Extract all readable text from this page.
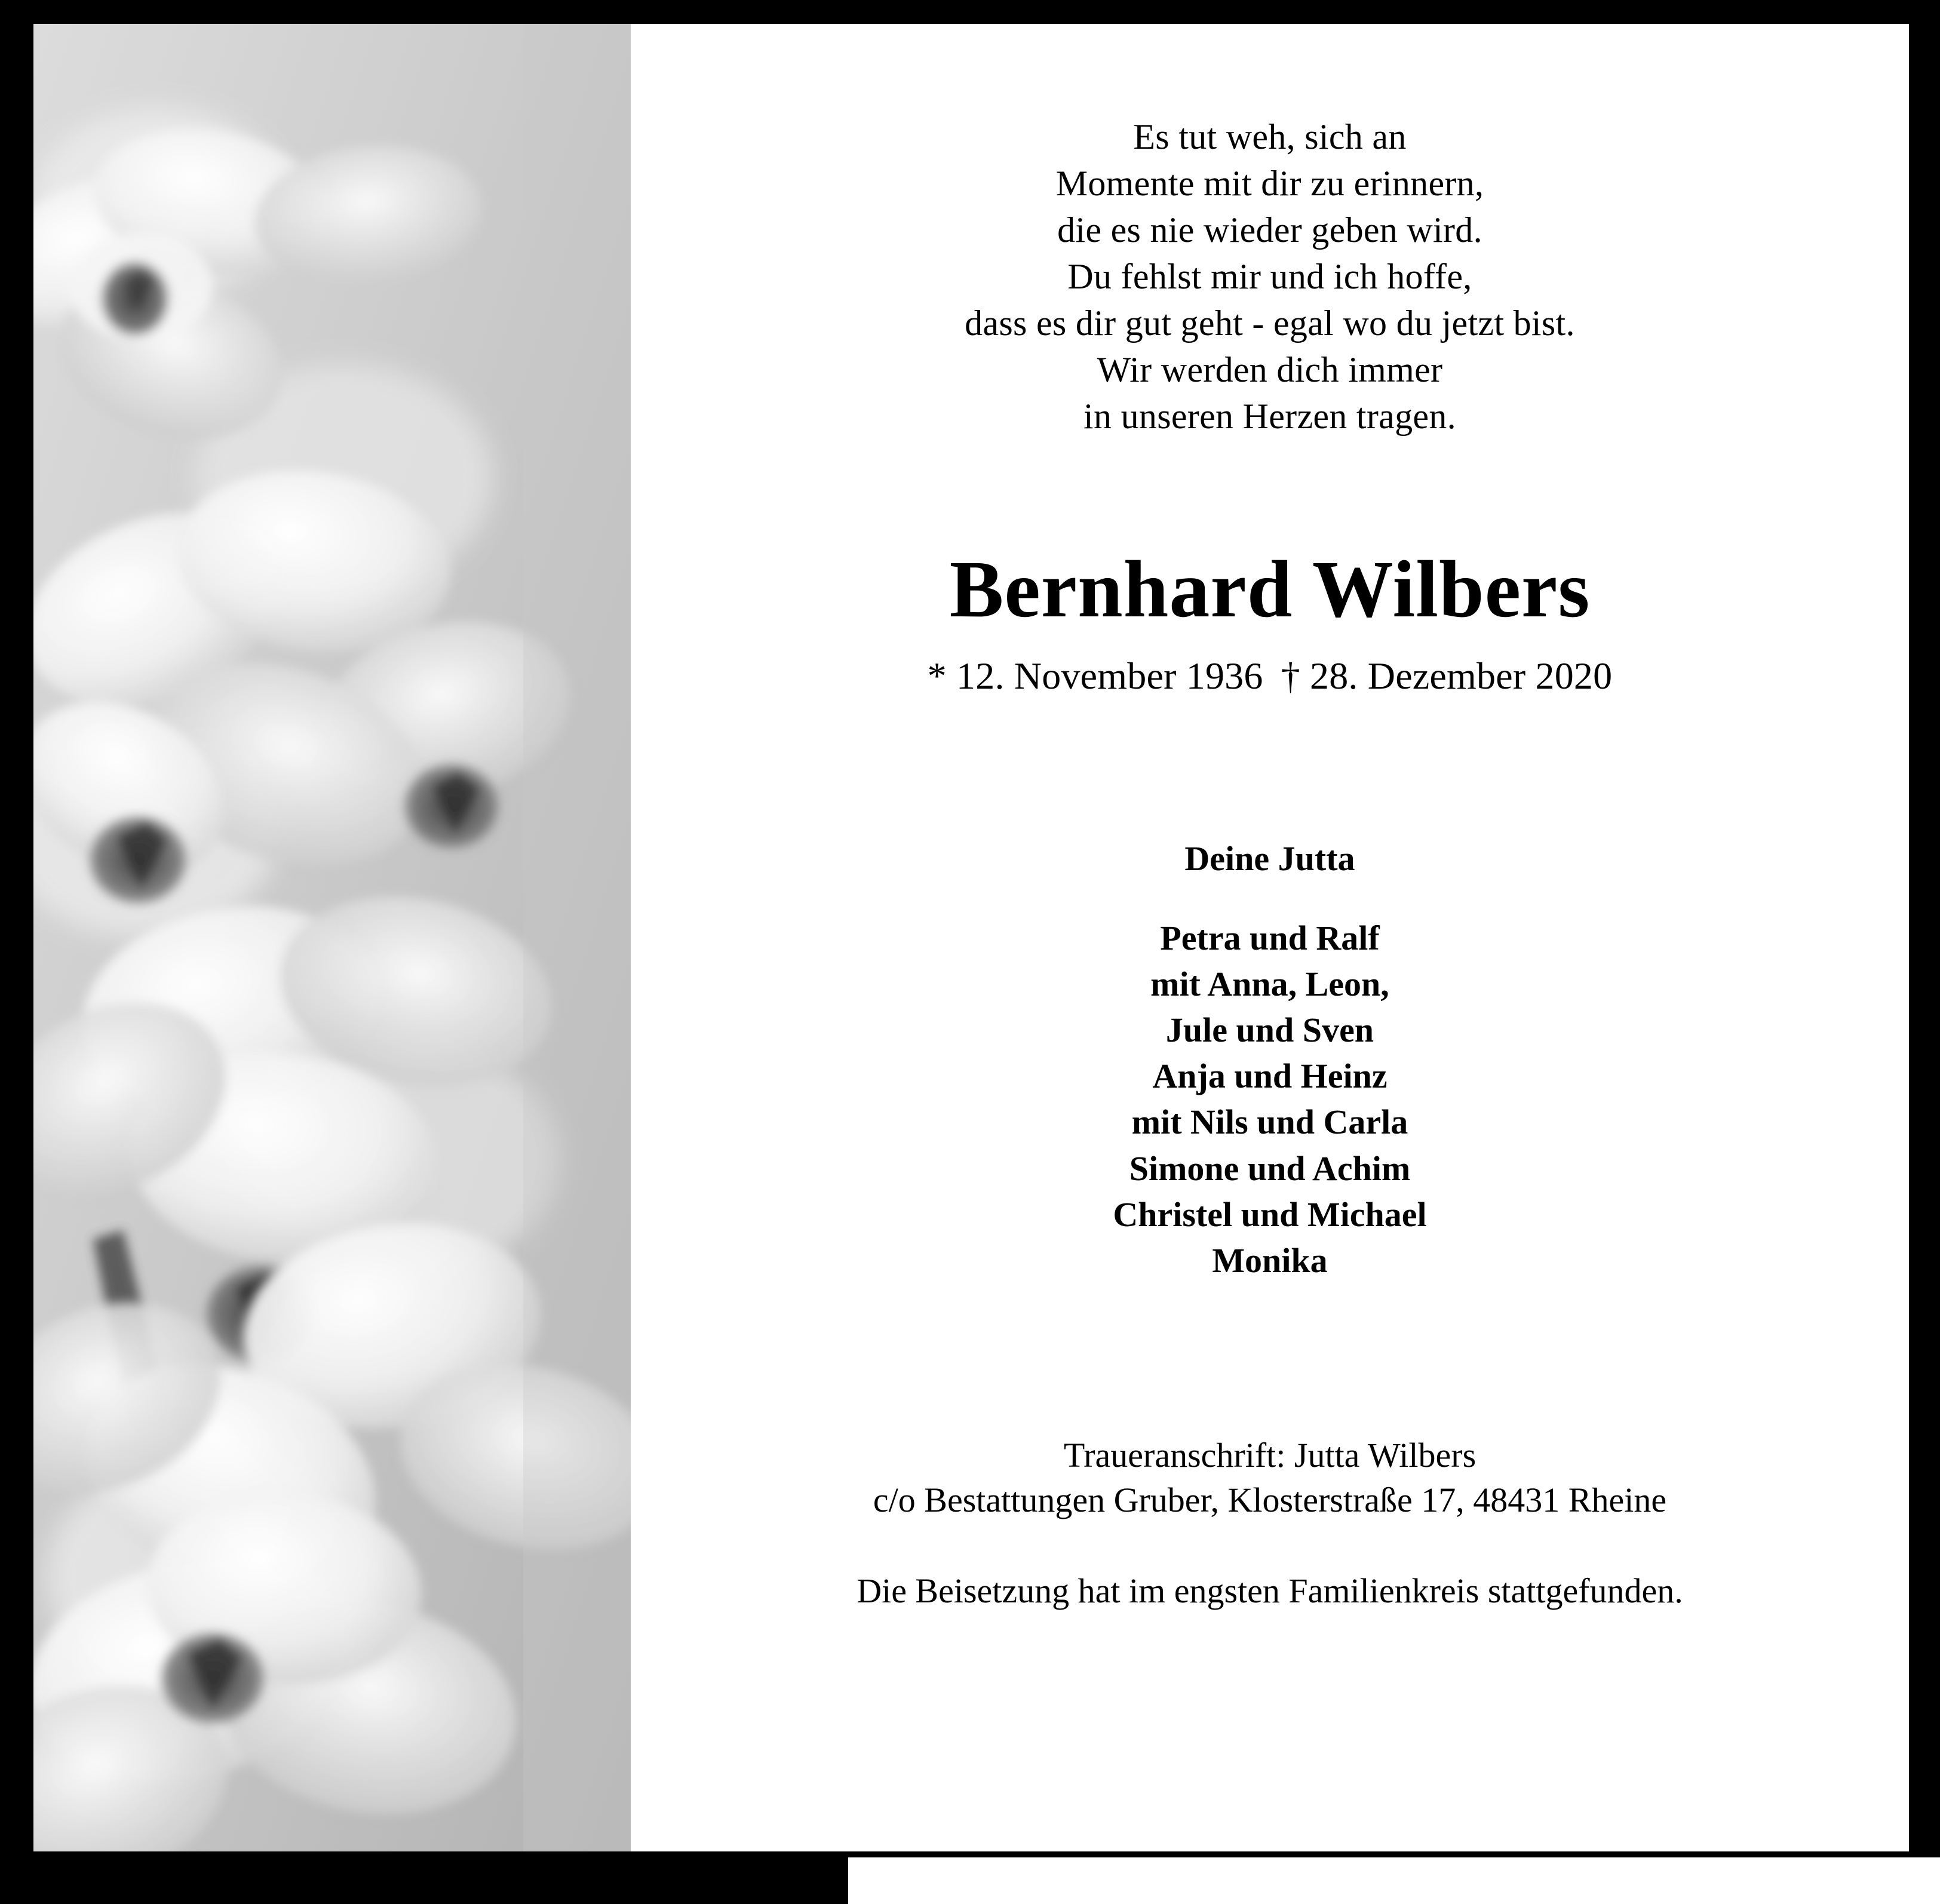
Es tut weh, sich an
Momente mit dir zu erinnern,
die es nie wieder geben wird.
Du fehlst mir und ich hoffe,
dass es dir gut geht - egal wo du jetzt bist.
Wir werden dich immer
in unseren Herzen tragen.
Bernhard Wilbers
* 12. November 1936 † 28. Dezember 2020
Deine Jutta
Petra und Ralf
mit Anna, Leon,
Jule und Sven
Anja und Heinz
mit Nils und Carla
Simone und Achim
Christel und Michael
Monika
Traueranschrift: Jutta Wilbers
c/o Bestattungen Gruber, Klosterstraße 17, 48431 Rheine
Die Beisetzung hat im engsten Familienkreis stattgefunden.
